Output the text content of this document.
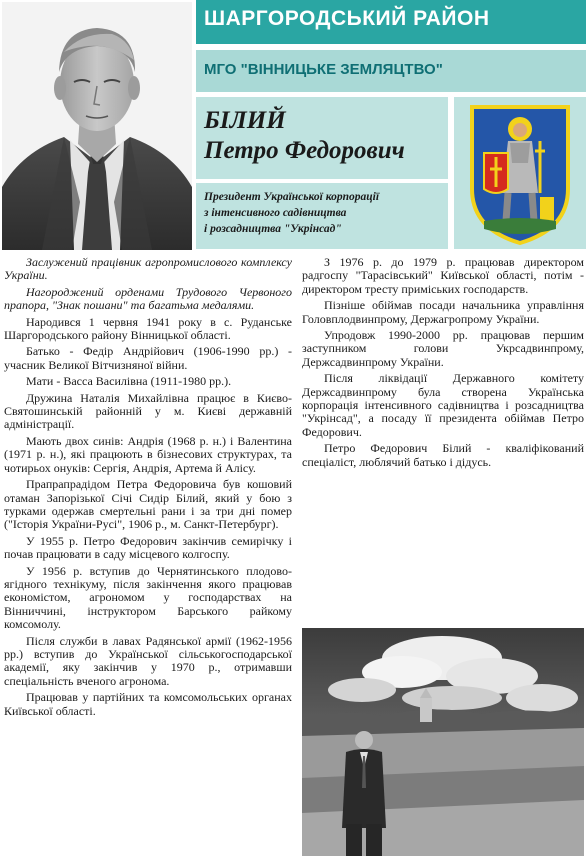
ШАРГОРОДСЬКИЙ РАЙОН
МГО "ВІННИЦЬКЕ ЗЕМЛЯЦТВО"
БІЛИЙ
Петро Федорович
Президент Української корпорації
з інтенсивного садівництва
і розсадництва "Укрінсад"

Заслужений працівник агропромислового комплексу України.

Нагороджений орденами Трудового Червоного прапора, "Знак пошани" та багатьма медалями.

Народився 1 червня 1941 року в с. Руданське Шаргородського району Вінницької області.

Батько - Федір Андрійович (1906-1990 рр.) - учасник Великої Вітчизняної війни.

Мати - Васса Василівна (1911-1980 рр.).

Дружина Наталія Михайлівна працює в Києво-Святошинській районній у м. Києві державній адміністрації.

Мають двох синів: Андрія (1968 р. н.) і Валентина (1971 р. н.), які працюють в бізнесових структурах, та чотирьох онуків: Сергія, Андрія, Артема й Алісу.

Прапрапрадідом Петра Федоровича був кошовий отаман Запорізької Січі Сидір Білий, який у бою з турками одержав смертельні рани і за три дні помер ("Історія України-Русі", 1906 р., м. Санкт-Петербург).

У 1955 р. Петро Федорович закінчив семирічку і почав працювати в саду місцевого колгоспу.

У 1956 р. вступив до Чернятинського плодово-ягідного технікуму, після закінчення якого працював економістом, агрономом у господарствах на Вінниччині, інструктором Барського райкому комсомолу.

Після служби в лавах Радянської армії (1962-1956 рр.) вступив до Української сільськогосподарської академії, яку закінчив у 1970 р., отримавши спеціальність вченого агронома.

Працював у партійних та комсомольських органах Київської області.

З 1976 р. до 1979 р. працював директором радгоспу "Тарасівський" Київської області, потім - директором тресту приміських господарств.

Пізніше обіймав посади начальника управління Головплодвинпрому, Держагропрому України.

Упродовж 1990-2000 рр. працював першим заступником голови Укрсадвинпрому, Держсадвинпрому України.

Після ліквідації Державного комітету Держсадвинпрому була створена Українська корпорація інтенсивного садівництва і розсадництва "Укрінсад", а посаду її президента обіймав Петро Федорович.

Петро Федорович Білий - кваліфікований спеціаліст, люблячий батько і дідусь.
